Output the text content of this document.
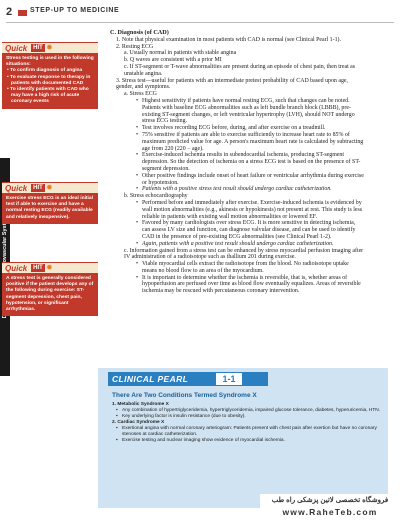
2	STEP-UP TO MEDICINE
Quick HIT ✹
Stress testing is used in the following situations:
• To confirm diagnosis of angina
• To evaluate response to therapy in patients with documented CAD
• To identify patients with CAD who may have a high risk of acute coronary events
Quick HIT ✹
Exercise stress ECG is an ideal initial test if able to exercise and have a normal resting ECG (readily available and relatively inexpensive).
Quick HIT ✹
A stress test is generally considered positive if the patient develops any of the following during exercise: ST-segment depression, chest pain, hypotension, or significant arrhythmias.
C. Diagnosis (of CAD)
1. Note that physical examination in most patients with CAD is normal (see Clinical Pearl 1-1).
2. Resting ECG
a. Usually normal in patients with stable angina
b. Q waves are consistent with a prior MI
c. If ST-segment or T-wave abnormalities are present during an episode of chest pain, then treat as unstable angina.
3. Stress test—useful for patients with an intermediate pretest probability of CAD based upon age, gender, and symptoms.
a. Stress ECG
• Highest sensitivity if patients have normal resting ECG, such that changes can be noted. Patients with baseline ECG abnormalities such as left bundle branch block (LBBB), pre-existing ST-segment changes, or left ventricular hypertrophy (LVH), should NOT undergo stress ECG testing.
• Test involves recording ECG before, during, and after exercise on a treadmill.
• 75% sensitive if patients are able to exercise sufficiently to increase heart rate to 85% of maximum predicted value for age. A person's maximum heart rate is calculated by subtracting age from 220 (220 − age).
• Exercise-induced ischemia results in subendocardial ischemia, producing ST-segment depression. So the detection of ischemia on a stress ECG test is based on the presence of ST-segment depression.
• Other positive findings include onset of heart failure or ventricular arrhythmia during exercise or hypotension.
• Patients with a positive stress test result should undergo cardiac catheterization.
b. Stress echocardiography
• Performed before and immediately after exercise. Exercise-induced ischemia is evidenced by wall motion abnormalities (e.g., akinesis or hypokinesis) not present at rest. This study is less reliable in patients with existing wall motion abnormalities or lowered EF.
• Favored by many cardiologists over stress ECG. It is more sensitive in detecting ischemia, can assess LV size and function, can diagnose valvular disease, and can be used to identify CAD in the presence of pre-existing ECG abnormalities (see Clinical Pearl 1-2).
• Again, patients with a positive test result should undergo cardiac catheterization.
c. Information gained from a stress test can be enhanced by stress myocardial perfusion imaging after IV administration of a radioisotope such as thallium 201 during exercise.
• Viable myocardial cells extract the radioisotope from the blood. No radioisotope uptake means no blood flow to an area of the myocardium.
• It is important to determine whether the ischemia is reversible, that is, whether areas of hypoperfusion are perfused over time as blood flow eventually equalizes. Areas of reversible ischemia may be rescued with percutaneous coronary intervention.
CLINICAL PEARL	1-1
There Are Two Conditions Termed Syndrome X
1. Metabolic Syndrome X
▪ Any combination of hypertriglyceridemia, hypertriglyceridemia, impaired glucose tolerance, diabetes, hyperuricemia, HTN.
▪ Key underlying factor is insulin resistance (due to obesity).
2. Cardiac Syndrome X
▪ Exertional angina with normal coronary arteriogram: Patients present with chest pain after exertion but have no coronary stenoses at cardiac catheterization.
▪ Exercise testing and nuclear imaging show evidence of myocardial ischemia.
فروشگاه تخصصی لاتین پزشکی راه طب
www.RaheTeb.com
